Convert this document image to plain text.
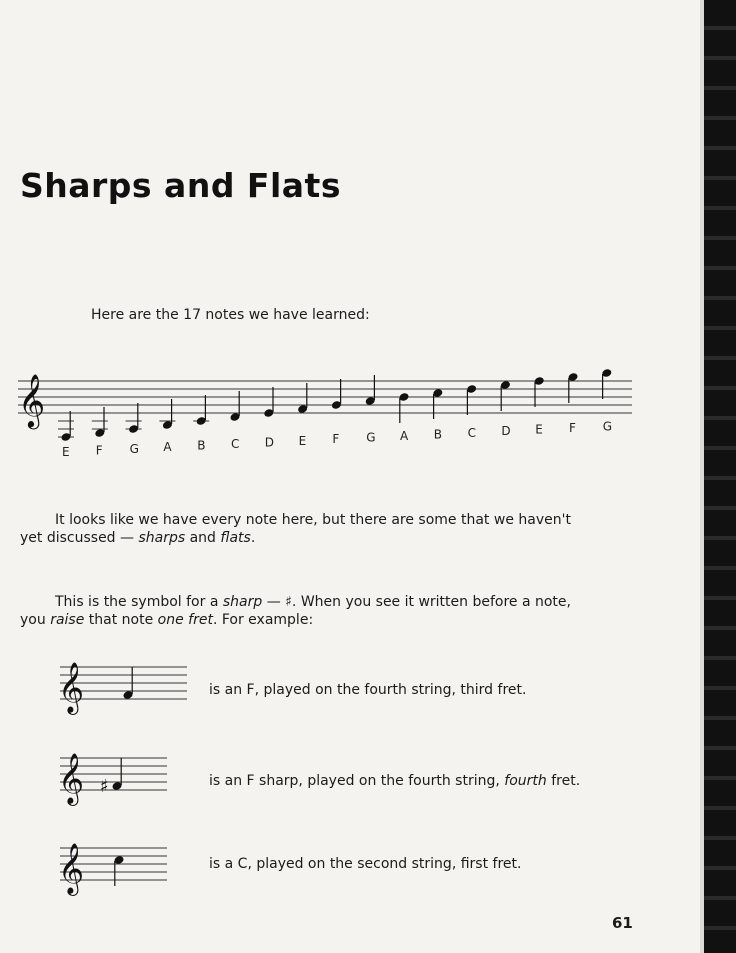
Sharps and Flats
Here are the 17 notes we have learned:
𝄞
E F G A B C D E F G A B C D E F G
It looks like we have every note here, but there are some that we haven't
yet discussed — sharps and flats.
This is the symbol for a sharp — ♯. When you see it written before a note,
you raise that note one fret. For example:
𝄞	is an F, played on the fourth string, third fret.
𝄞 ♯	is an F sharp, played on the fourth string, fourth fret.
𝄞	is a C, played on the second string, first fret.
61
